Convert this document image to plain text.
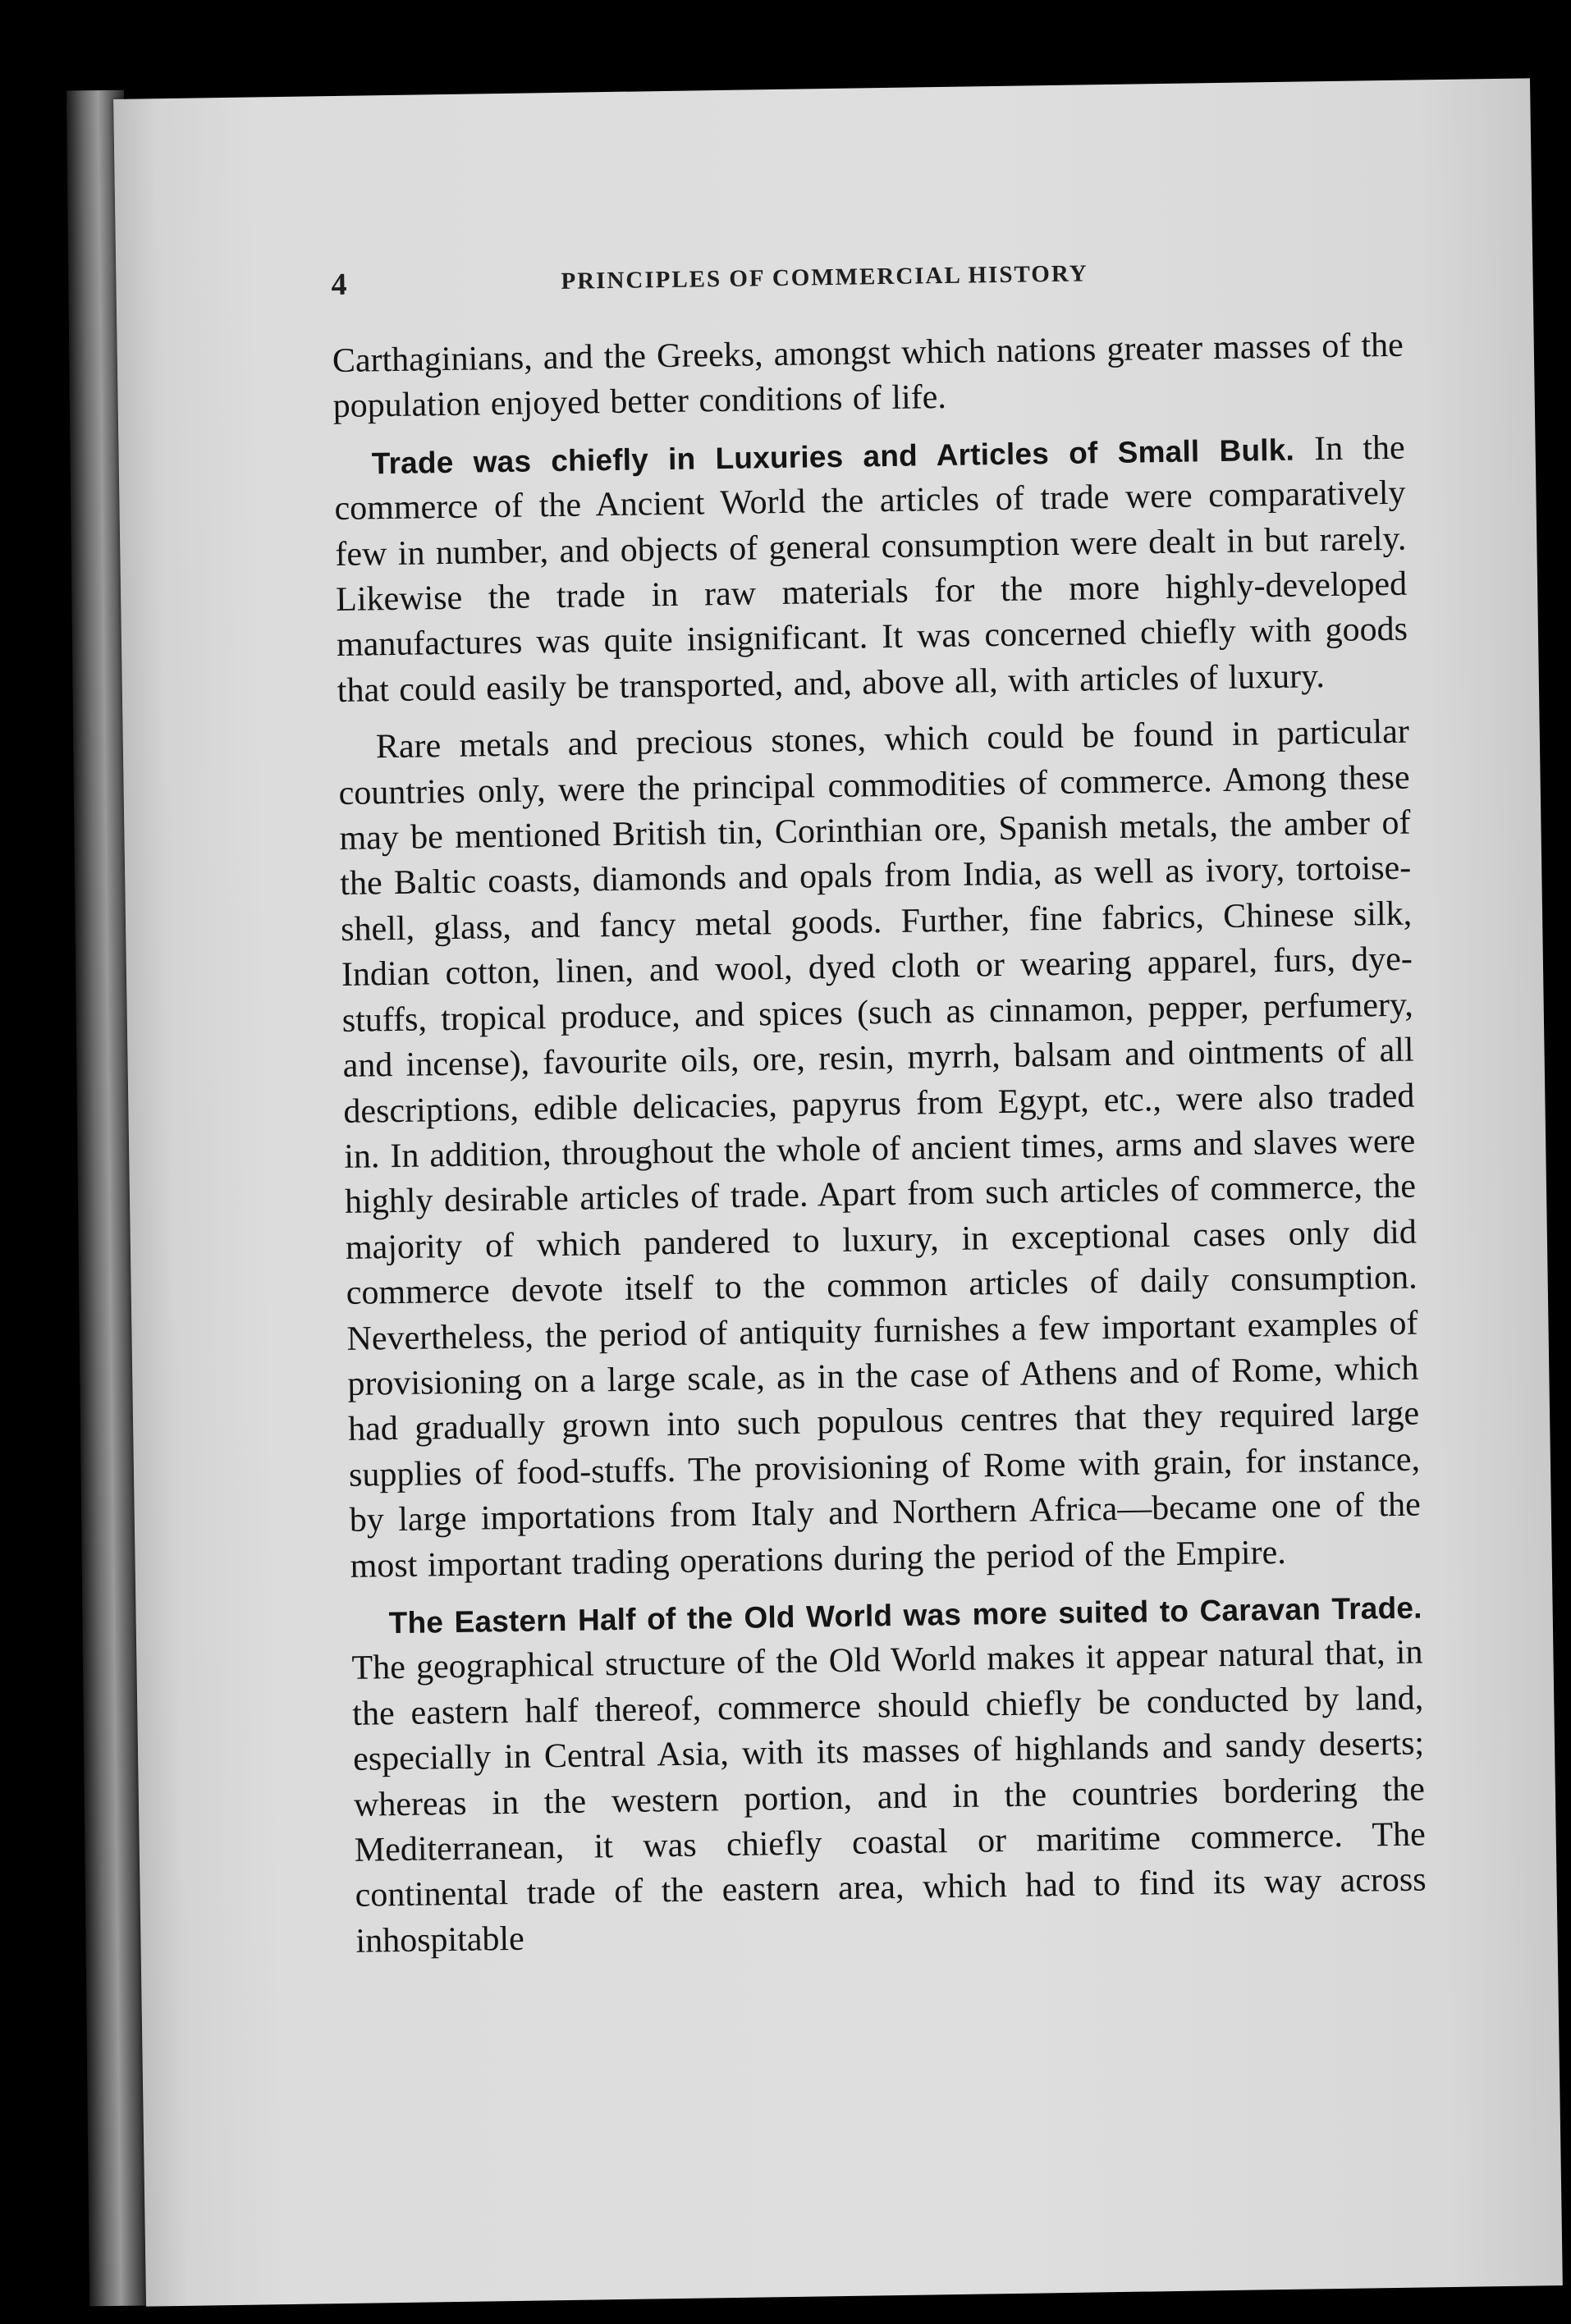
4	PRINCIPLES OF COMMERCIAL HISTORY

Carthaginians, and the Greeks, amongst which nations greater masses of the population enjoyed better conditions of life.

Trade was chiefly in Luxuries and Articles of Small Bulk. In the commerce of the Ancient World the articles of trade were comparatively few in number, and objects of general consumption were dealt in but rarely. Likewise the trade in raw materials for the more highly-developed manufactures was quite insignificant. It was concerned chiefly with goods that could easily be transported, and, above all, with articles of luxury.

Rare metals and precious stones, which could be found in particular countries only, were the principal commodities of commerce. Among these may be mentioned British tin, Corinthian ore, Spanish metals, the amber of the Baltic coasts, diamonds and opals from India, as well as ivory, tortoise-shell, glass, and fancy metal goods. Further, fine fabrics, Chinese silk, Indian cotton, linen, and wool, dyed cloth or wearing apparel, furs, dye-stuffs, tropical produce, and spices (such as cinnamon, pepper, perfumery, and incense), favourite oils, ore, resin, myrrh, balsam and ointments of all descriptions, edible delicacies, papyrus from Egypt, etc., were also traded in. In addition, throughout the whole of ancient times, arms and slaves were highly desirable articles of trade. Apart from such articles of commerce, the majority of which pandered to luxury, in exceptional cases only did commerce devote itself to the common articles of daily consumption. Nevertheless, the period of antiquity furnishes a few important examples of provisioning on a large scale, as in the case of Athens and of Rome, which had gradually grown into such populous centres that they required large supplies of food-stuffs. The provisioning of Rome with grain, for instance, by large importations from Italy and Northern Africa—became one of the most important trading operations during the period of the Empire.

The Eastern Half of the Old World was more suited to Caravan Trade. The geographical structure of the Old World makes it appear natural that, in the eastern half thereof, commerce should chiefly be conducted by land, especially in Central Asia, with its masses of highlands and sandy deserts; whereas in the western portion, and in the countries bordering the Mediterranean, it was chiefly coastal or maritime commerce. The continental trade of the eastern area, which had to find its way across inhospitable
